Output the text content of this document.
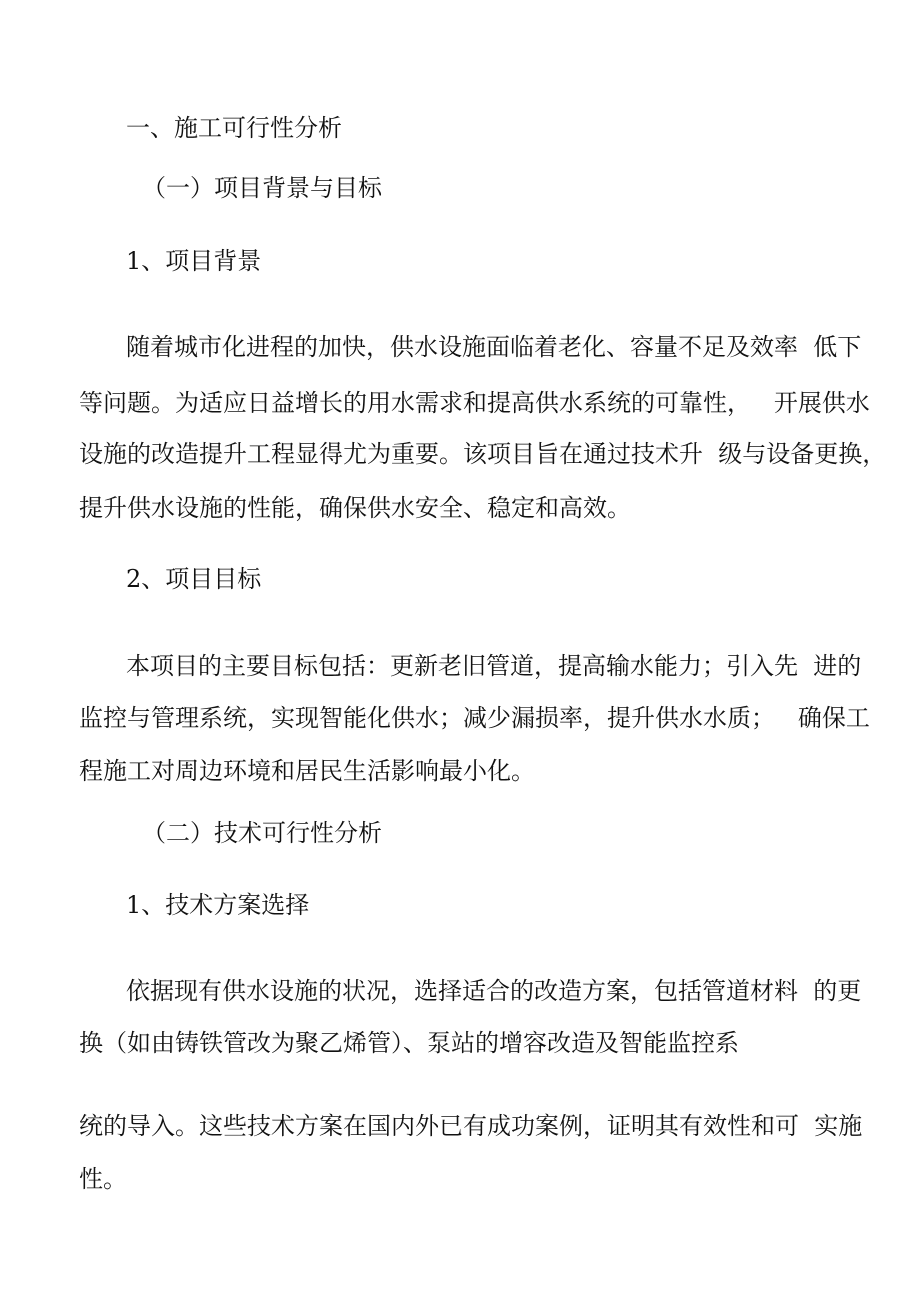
一、施工可行性分析
（一）项目背景与目标
1、项目背景
随着城市化进程的加快，供水设施面临着老化、容量不足及效率  低下
等问题。为适应日益增长的用水需求和提高供水系统的可靠性，   开展供水
设施的改造提升工程显得尤为重要。该项目旨在通过技术升  级与设备更换，
提升供水设施的性能，确保供水安全、稳定和高效。
2、项目目标
本项目的主要目标包括：更新老旧管道，提高输水能力；引入先  进的
监控与管理系统，实现智能化供水；减少漏损率，提升供水水质；   确保工
程施工对周边环境和居民生活影响最小化。
（二）技术可行性分析
1、技术方案选择
依据现有供水设施的状况，选择适合的改造方案，包括管道材料  的更
换（如由铸铁管改为聚乙烯管）、泵站的增容改造及智能监控系
统的导入。这些技术方案在国内外已有成功案例，证明其有效性和可  实施
性。
